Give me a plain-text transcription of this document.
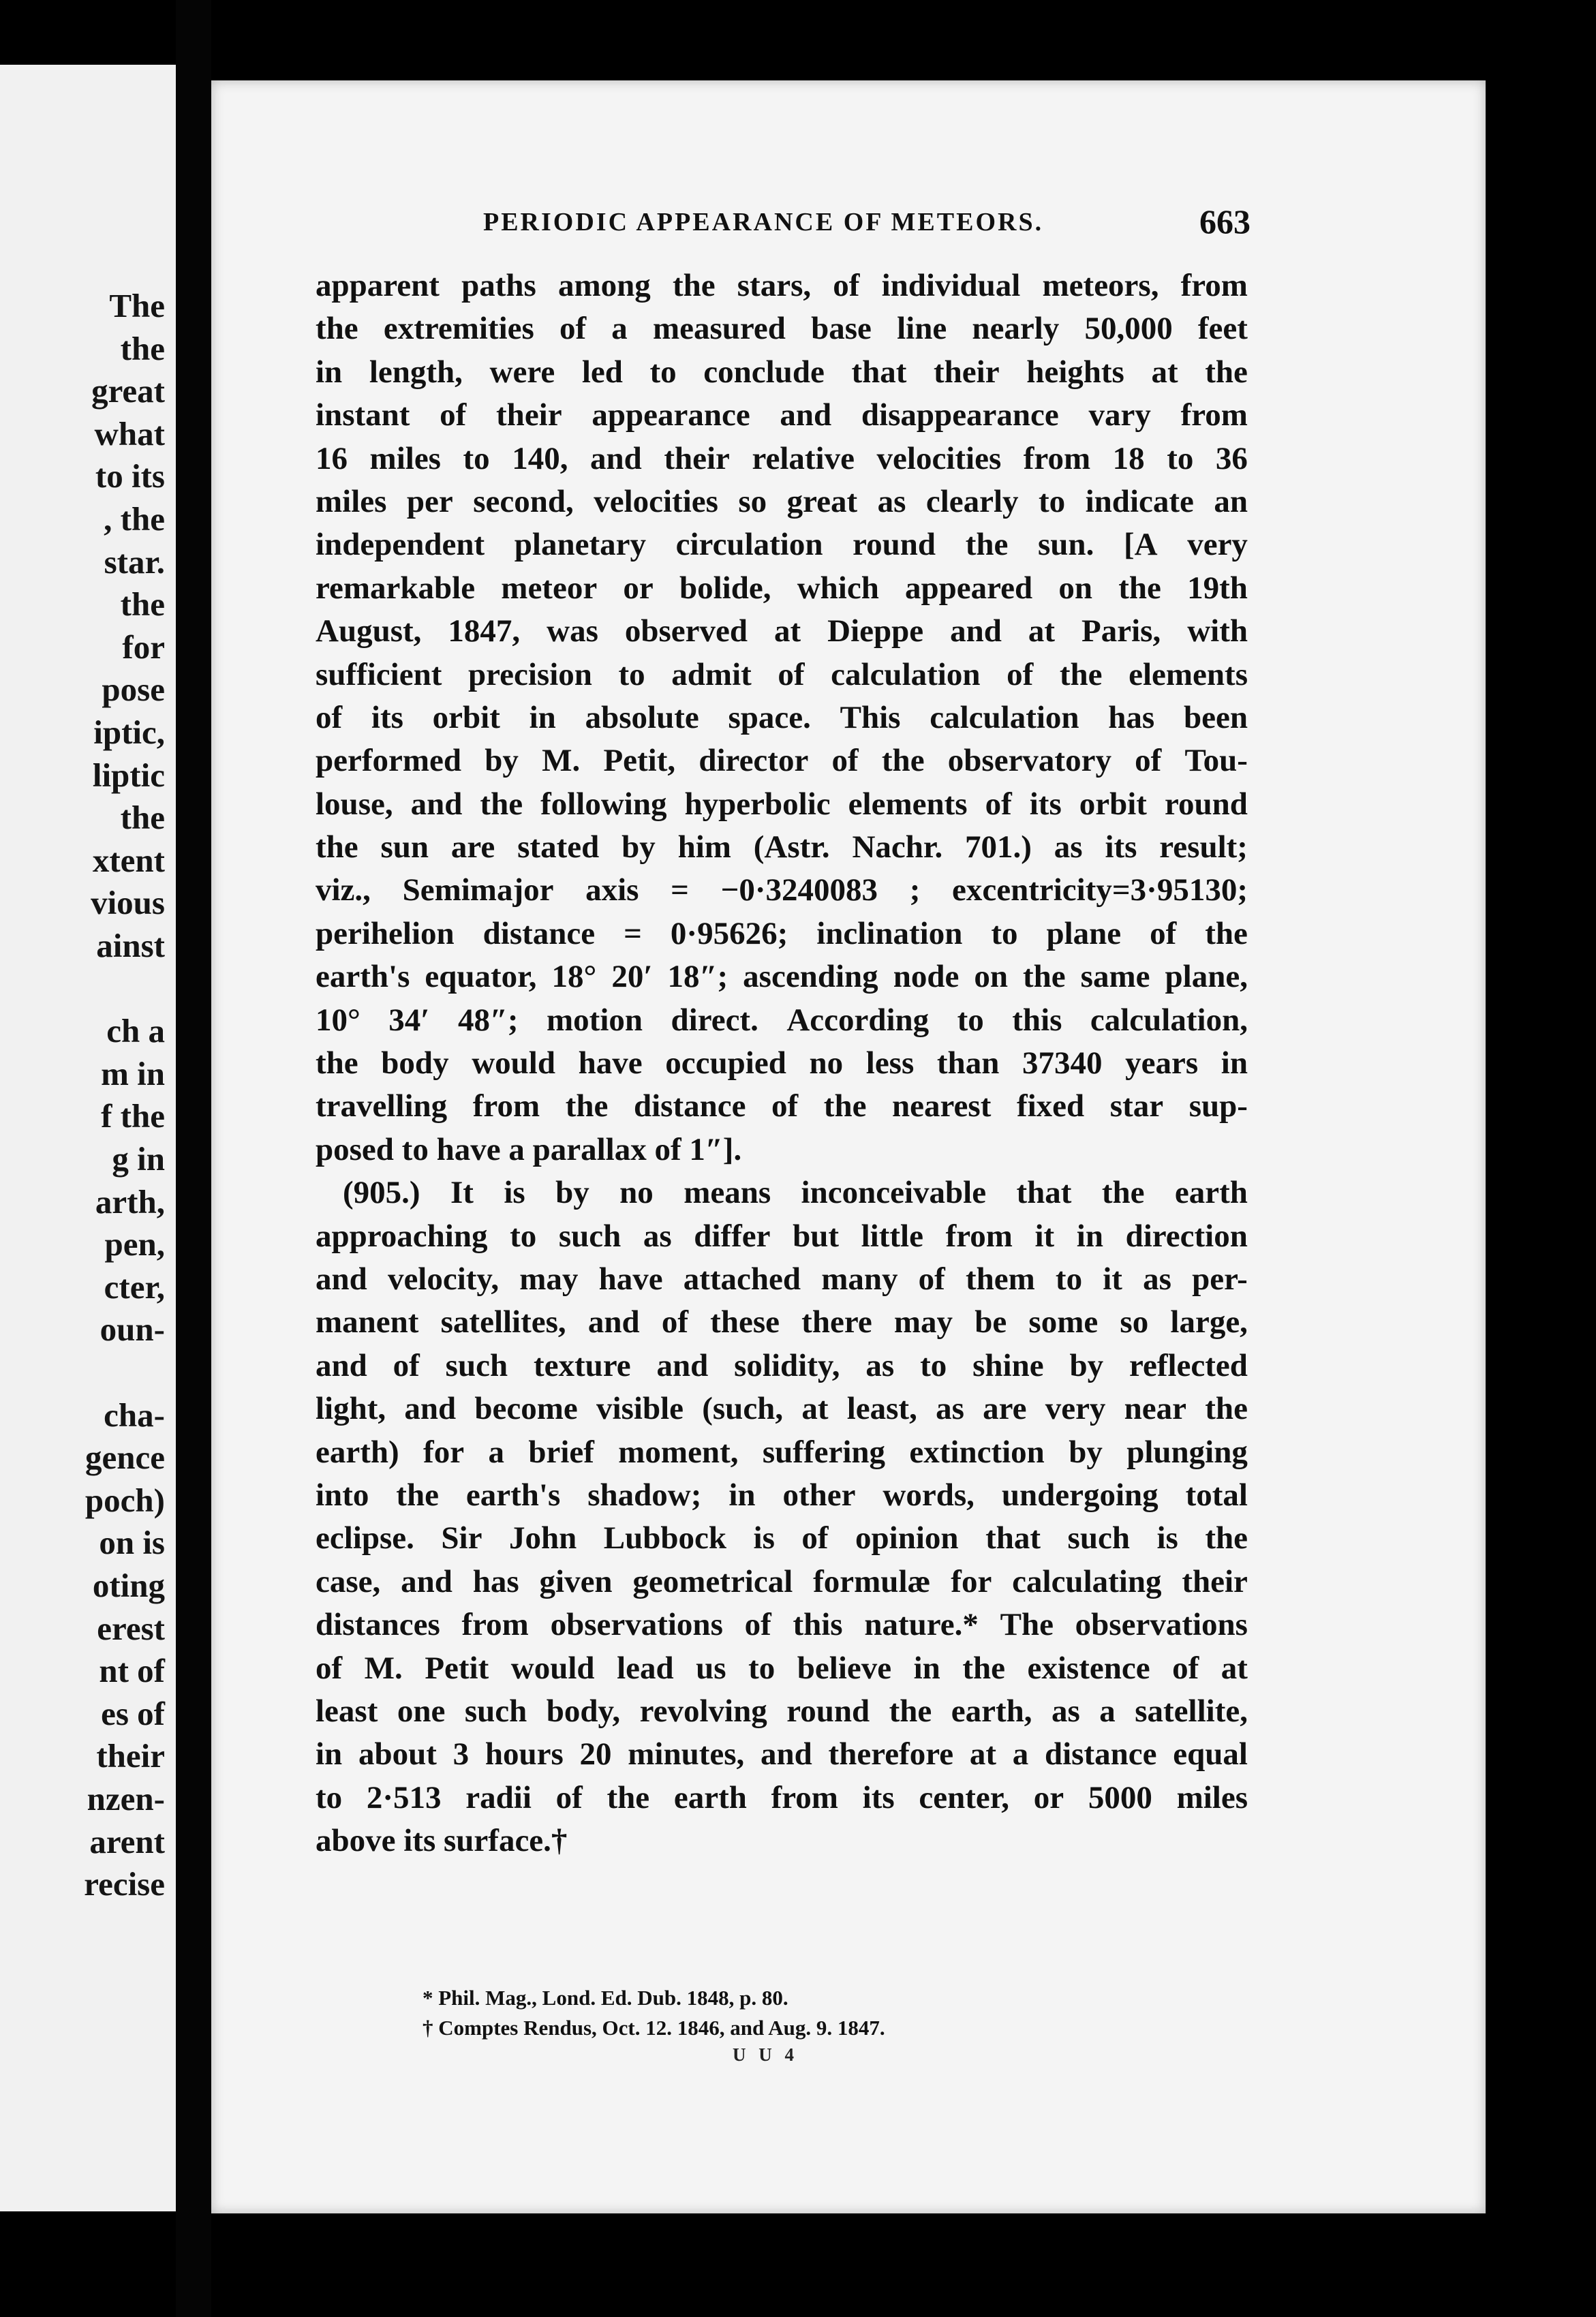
The
the
great
what
to its
, the
star.
the
for
pose
iptic,
liptic
the
xtent
vious
ainst
ch a
m in
f the
g in
arth,
pen,
cter,
oun-
cha-
gence
poch)
on is
oting
erest
nt of
es of
their
nzen-
arent
recise
PERIODIC APPEARANCE OF METEORS.	663
apparent paths among the stars, of individual meteors, from
the extremities of a measured base line nearly 50,000 feet
in length, were led to conclude that their heights at the
instant of their appearance and disappearance vary from
16 miles to 140, and their relative velocities from 18 to 36
miles per second, velocities so great as clearly to indicate an
independent planetary circulation round the sun. [A very
remarkable meteor or bolide, which appeared on the 19th
August, 1847, was observed at Dieppe and at Paris, with
sufficient precision to admit of calculation of the elements
of its orbit in absolute space. This calculation has been
performed by M. Petit, director of the observatory of Tou-
louse, and the following hyperbolic elements of its orbit round
the sun are stated by him (Astr. Nachr. 701.) as its result;
viz., Semimajor axis = −0·3240083 ; excentricity=3·95130;
perihelion distance = 0·95626; inclination to plane of the
earth's equator, 18° 20′ 18″; ascending node on the same plane,
10° 34′ 48″; motion direct. According to this calculation,
the body would have occupied no less than 37340 years in
travelling from the distance of the nearest fixed star sup-
posed to have a parallax of 1″].
(905.) It is by no means inconceivable that the earth
approaching to such as differ but little from it in direction
and velocity, may have attached many of them to it as per-
manent satellites, and of these there may be some so large,
and of such texture and solidity, as to shine by reflected
light, and become visible (such, at least, as are very near the
earth) for a brief moment, suffering extinction by plunging
into the earth's shadow; in other words, undergoing total
eclipse. Sir John Lubbock is of opinion that such is the
case, and has given geometrical formulæ for calculating their
distances from observations of this nature.* The observations
of M. Petit would lead us to believe in the existence of at
least one such body, revolving round the earth, as a satellite,
in about 3 hours 20 minutes, and therefore at a distance equal
to 2·513 radii of the earth from its center, or 5000 miles
above its surface.†
* Phil. Mag., Lond. Ed. Dub. 1848, p. 80.
† Comptes Rendus, Oct. 12. 1846, and Aug. 9. 1847.
U U 4
